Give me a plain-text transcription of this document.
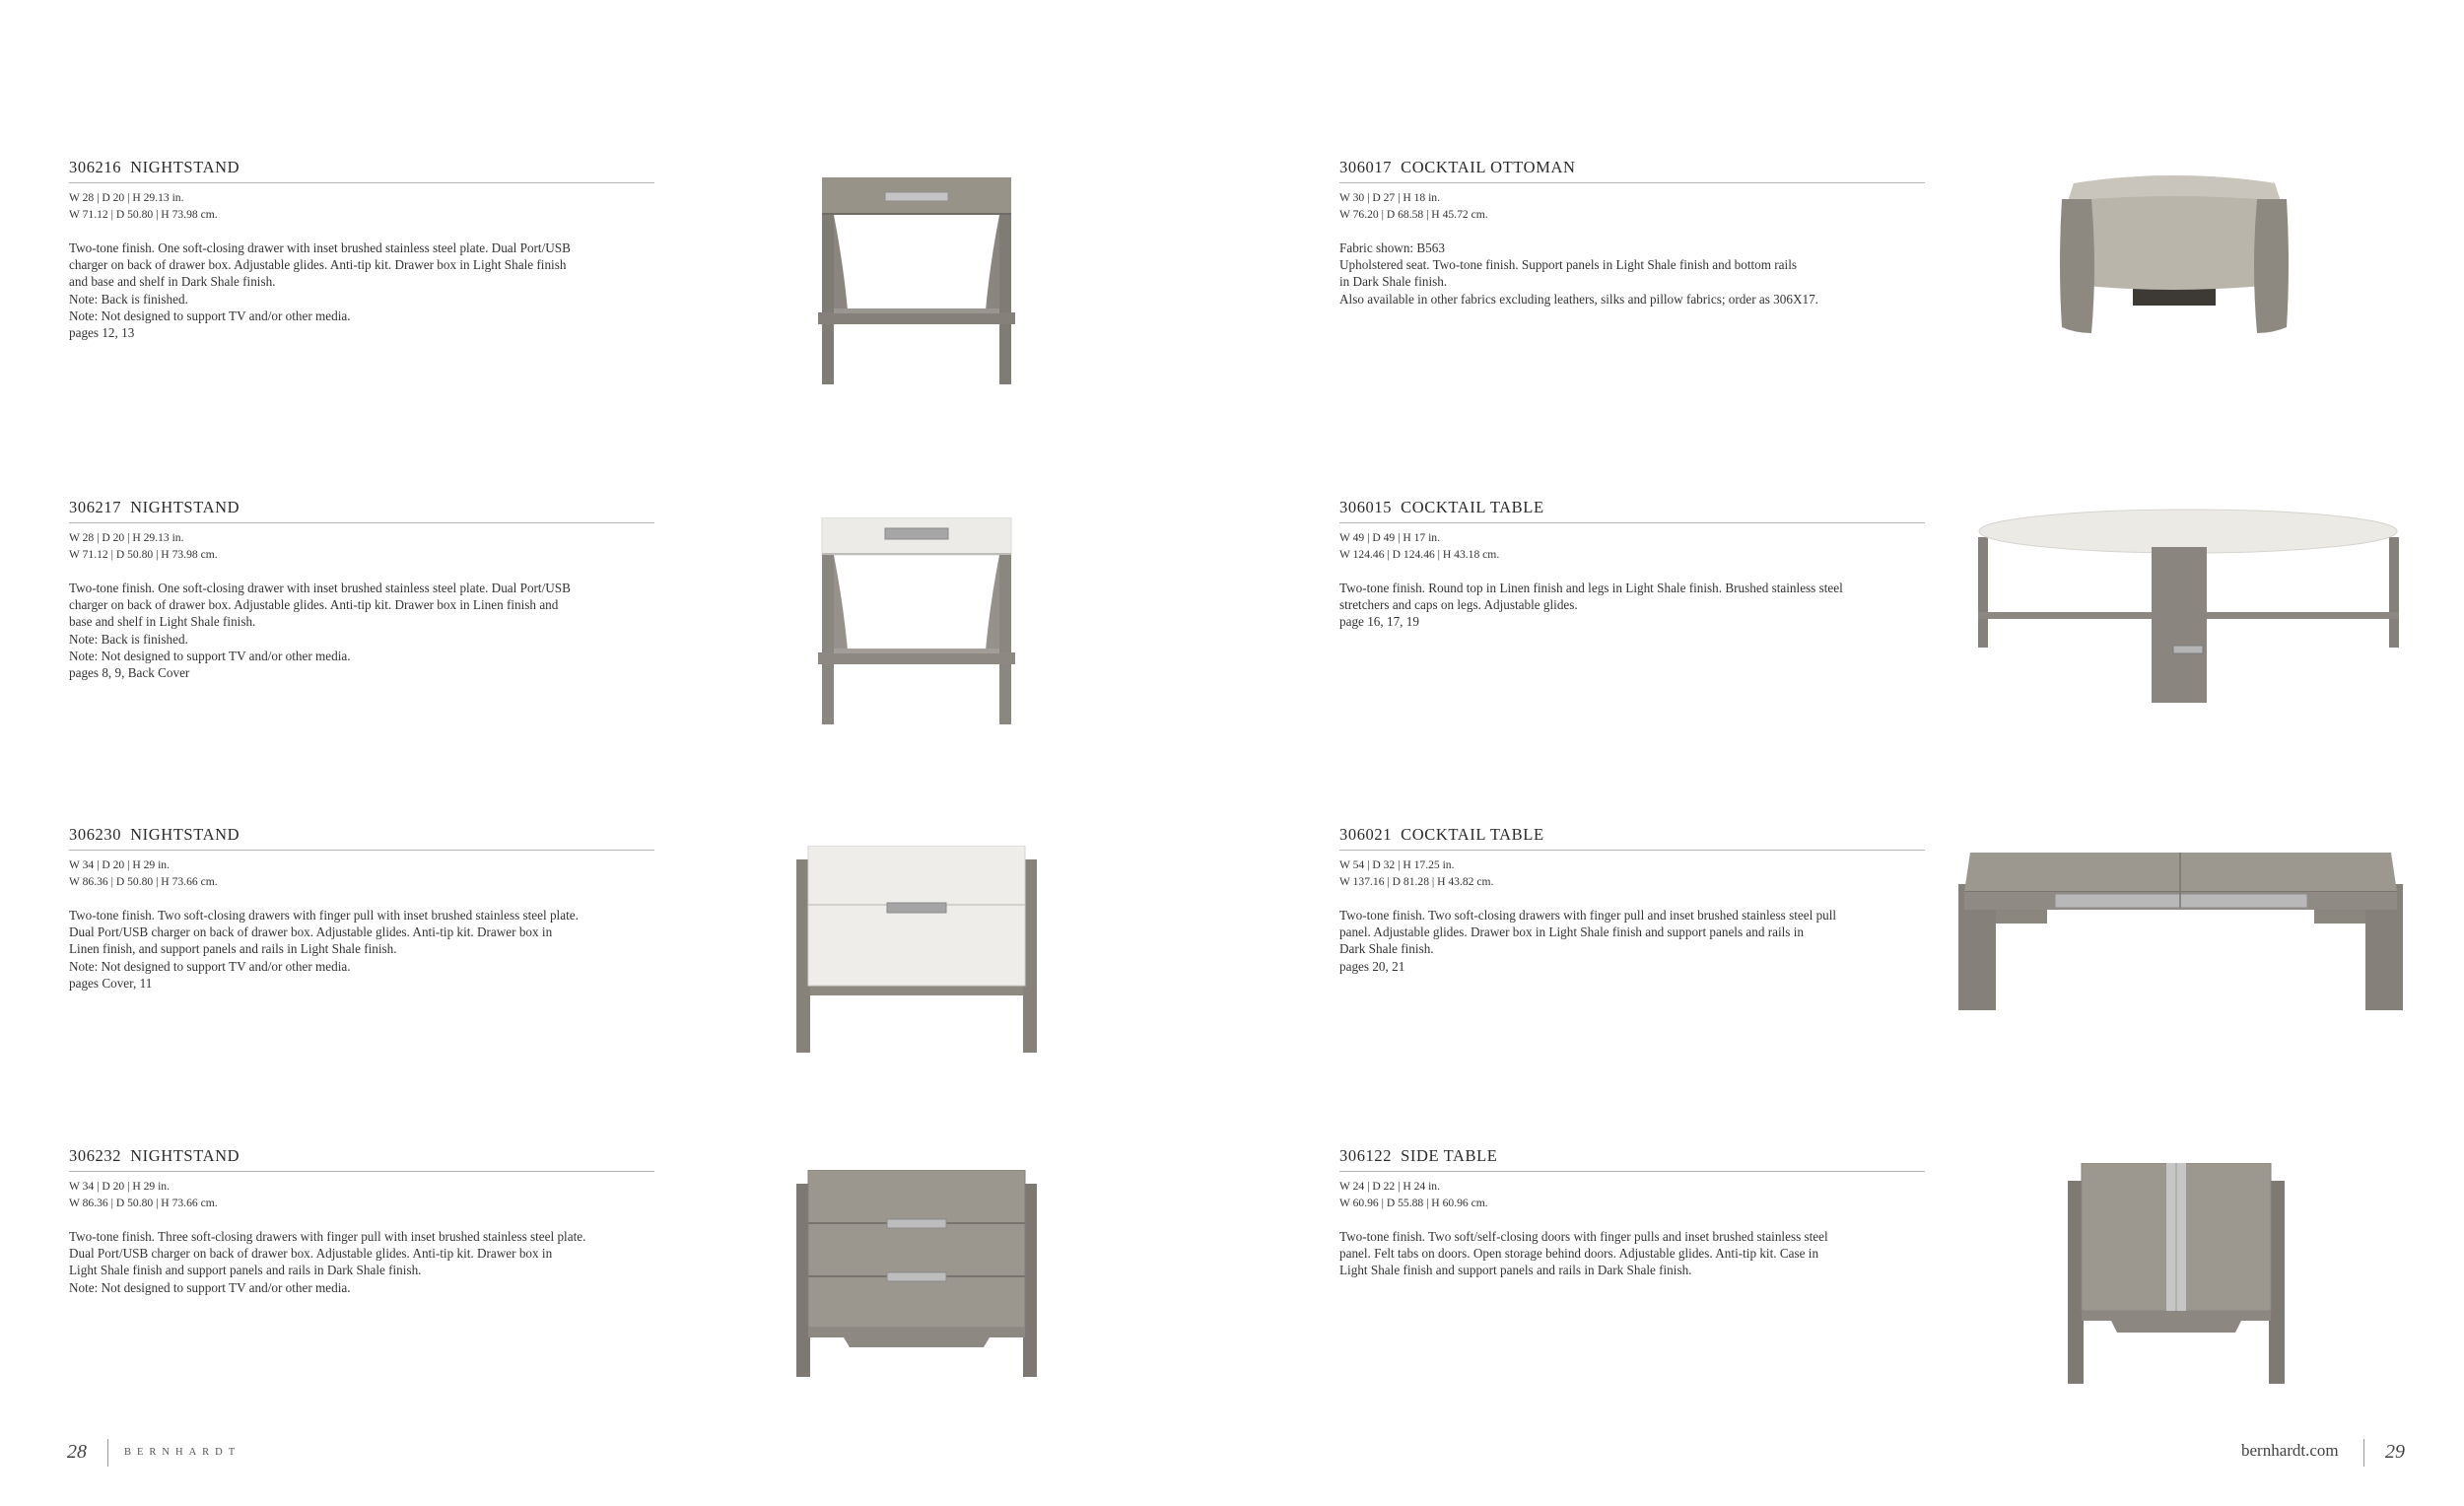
306216 NIGHTSTAND
W 28 | D 20 | H 29.13 in.
W 71.12 | D 50.80 | H 73.98 cm.
Two-tone finish. One soft-closing drawer with inset brushed stainless steel plate. Dual Port/USB
charger on back of drawer box. Adjustable glides. Anti-tip kit. Drawer box in Light Shale finish
and base and shelf in Dark Shale finish.
Note: Back is finished.
Note: Not designed to support TV and/or other media.
pages 12, 13
306217 NIGHTSTAND
W 28 | D 20 | H 29.13 in.
W 71.12 | D 50.80 | H 73.98 cm.
Two-tone finish. One soft-closing drawer with inset brushed stainless steel plate. Dual Port/USB
charger on back of drawer box. Adjustable glides. Anti-tip kit. Drawer box in Linen finish and
base and shelf in Light Shale finish.
Note: Back is finished.
Note: Not designed to support TV and/or other media.
pages 8, 9, Back Cover
306230 NIGHTSTAND
W 34 | D 20 | H 29 in.
W 86.36 | D 50.80 | H 73.66 cm.
Two-tone finish. Two soft-closing drawers with finger pull with inset brushed stainless steel plate.
Dual Port/USB charger on back of drawer box. Adjustable glides. Anti-tip kit. Drawer box in
Linen finish, and support panels and rails in Light Shale finish.
Note: Not designed to support TV and/or other media.
pages Cover, 11
306232 NIGHTSTAND
W 34 | D 20 | H 29 in.
W 86.36 | D 50.80 | H 73.66 cm.
Two-tone finish. Three soft-closing drawers with finger pull with inset brushed stainless steel plate.
Dual Port/USB charger on back of drawer box. Adjustable glides. Anti-tip kit. Drawer box in
Light Shale finish and support panels and rails in Dark Shale finish.
Note: Not designed to support TV and/or other media.
306017 COCKTAIL OTTOMAN
W 30 | D 27 | H 18 in.
W 76.20 | D 68.58 | H 45.72 cm.
Fabric shown: B563
Upholstered seat. Two-tone finish. Support panels in Light Shale finish and bottom rails
in Dark Shale finish.
Also available in other fabrics excluding leathers, silks and pillow fabrics; order as 306X17.
306015 COCKTAIL TABLE
W 49 | D 49 | H 17 in.
W 124.46 | D 124.46 | H 43.18 cm.
Two-tone finish. Round top in Linen finish and legs in Light Shale finish. Brushed stainless steel
stretchers and caps on legs. Adjustable glides.
page 16, 17, 19
306021 COCKTAIL TABLE
W 54 | D 32 | H 17.25 in.
W 137.16 | D 81.28 | H 43.82 cm.
Two-tone finish. Two soft-closing drawers with finger pull and inset brushed stainless steel pull
panel. Adjustable glides. Drawer box in Light Shale finish and support panels and rails in
Dark Shale finish.
pages 20, 21
306122 SIDE TABLE
W 24 | D 22 | H 24 in.
W 60.96 | D 55.88 | H 60.96 cm.
Two-tone finish. Two soft/self-closing doors with finger pulls and inset brushed stainless steel
panel. Felt tabs on doors. Open storage behind doors. Adjustable glides. Anti-tip kit. Case in
Light Shale finish and support panels and rails in Dark Shale finish.
28	BERNHARDT	bernhardt.com 29
